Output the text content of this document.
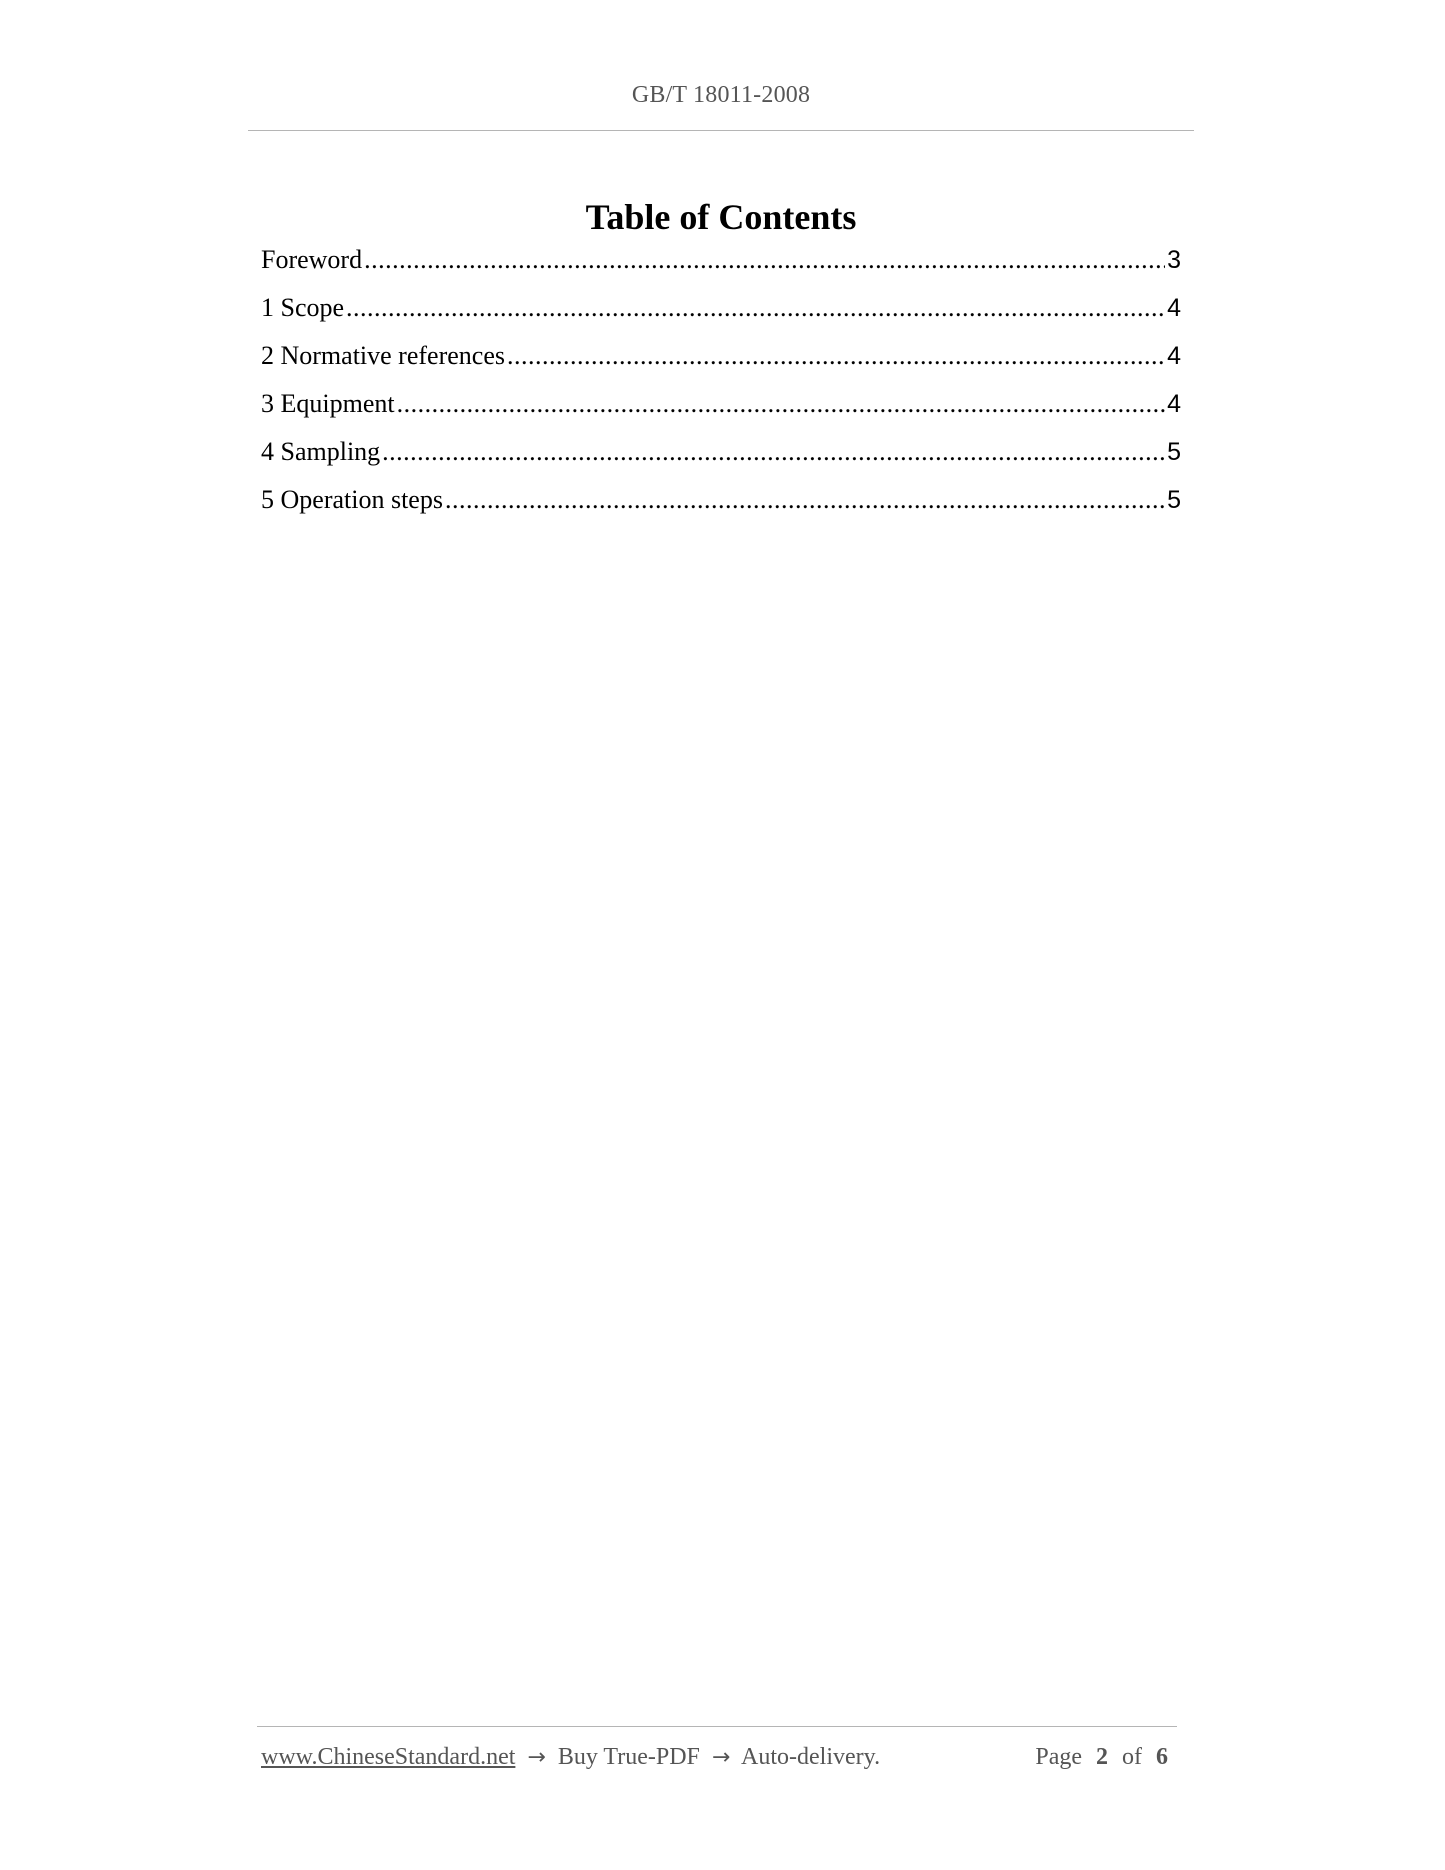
GB/T 18011-2008
Table of Contents
Foreword .....	3
1 Scope .....	4
2 Normative references .....	4
3 Equipment .....	4
4 Sampling .....	5
5 Operation steps .....	5
www.ChineseStandard.net → Buy True-PDF → Auto-delivery.	Page 2 of 6
